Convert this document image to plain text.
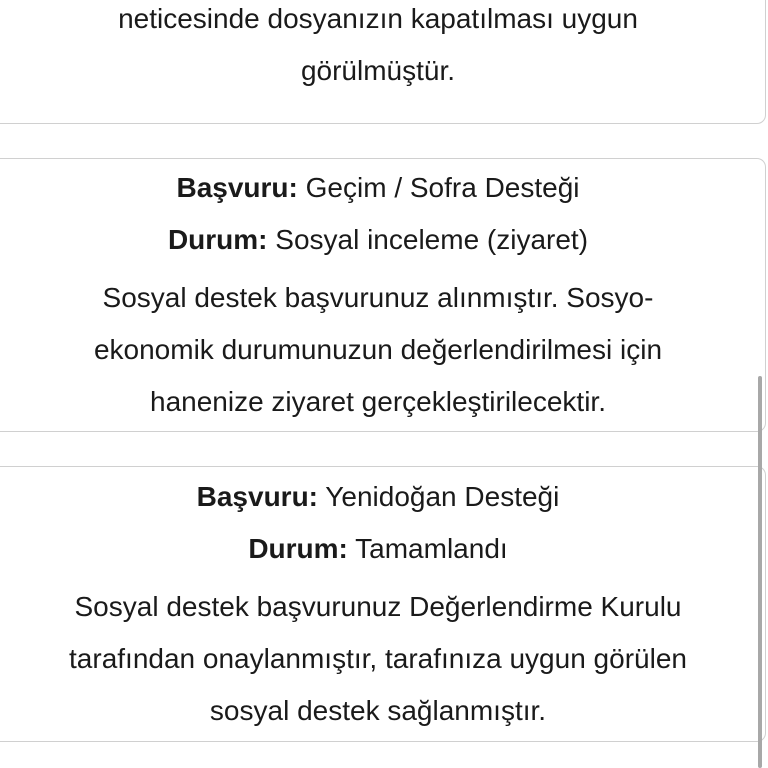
neticesinde dosyanızın kapatılması uygun
görülmüştür.
Başvuru: Geçim / Sofra Desteği
Durum: Sosyal inceleme (ziyaret)
Sosyal destek başvurunuz alınmıştır. Sosyo-
ekonomik durumunuzun değerlendirilmesi için
hanenize ziyaret gerçekleştirilecektir.
Başvuru: Yenidoğan Desteği
Durum: Tamamlandı
Sosyal destek başvurunuz Değerlendirme Kurulu
tarafından onaylanmıştır, tarafınıza uygun görülen
sosyal destek sağlanmıştır.
